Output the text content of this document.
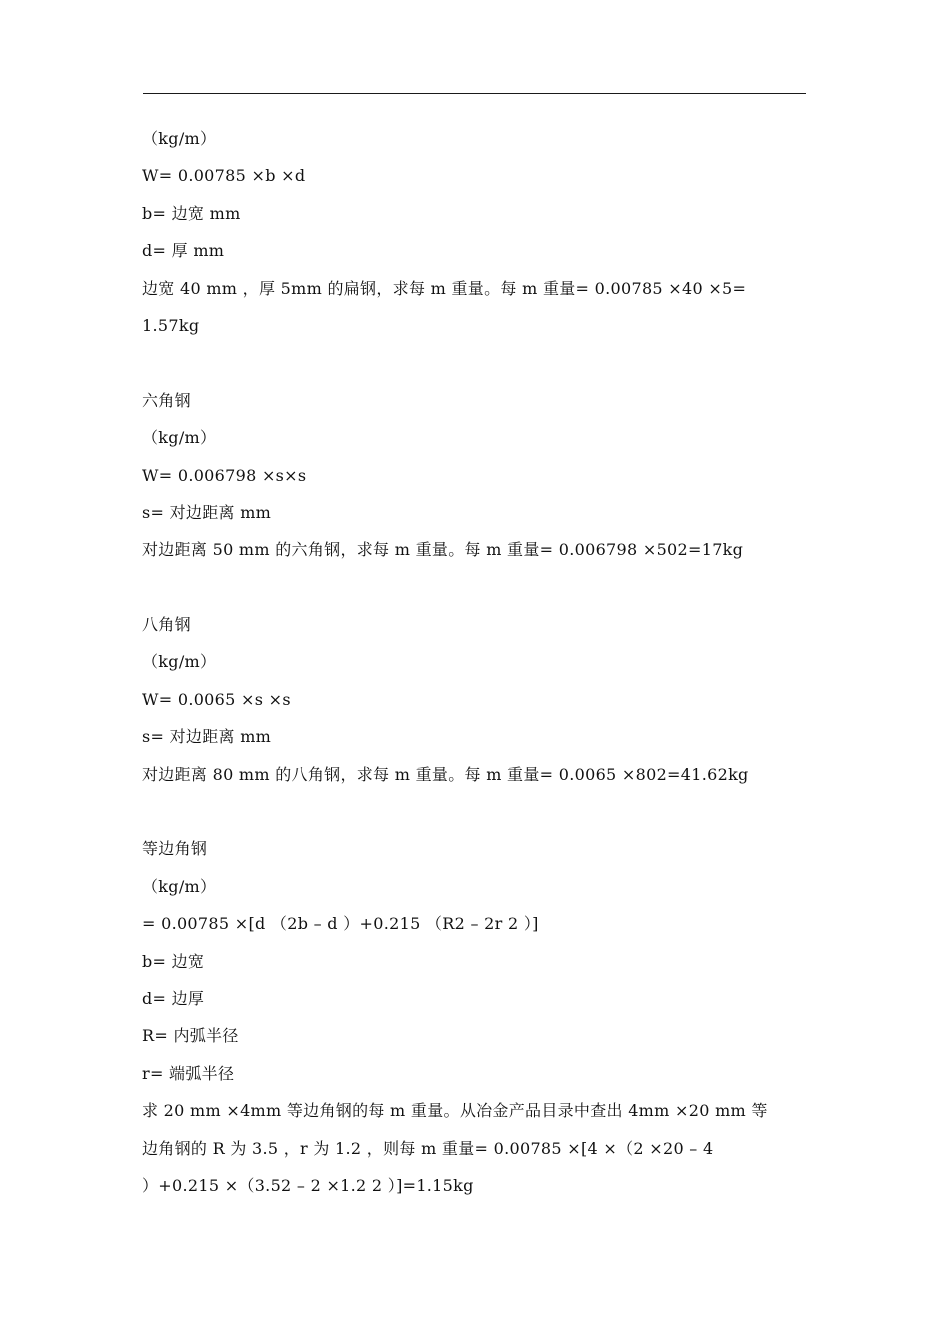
（kg/m）
W= 0.00785 ×b ×d
b= 边宽 mm
d= 厚 mm
边宽 40 mm ，厚 5mm 的扁钢，求每 m 重量。每 m 重量= 0.00785 ×40 ×5=
1.57kg
六角钢
（kg/m）
W= 0.006798 ×s×s
s= 对边距离 mm
对边距离 50 mm 的六角钢，求每 m 重量。每 m 重量= 0.006798 ×502=17kg
八角钢
（kg/m）
W= 0.0065 ×s ×s
s= 对边距离 mm
对边距离 80 mm 的八角钢，求每 m 重量。每 m 重量= 0.0065 ×802=41.62kg
等边角钢
（kg/m）
= 0.00785 ×[d （2b – d ）+0.215 （R2 – 2r 2 ）]
b= 边宽
d= 边厚
R= 内弧半径
r= 端弧半径
求 20 mm ×4mm 等边角钢的每 m 重量。从冶金产品目录中查出 4mm ×20 mm 等
边角钢的 R 为 3.5 ，r 为 1.2 ，则每 m 重量= 0.00785 ×[4 ×（2 ×20 – 4
）+0.215 ×（3.52 – 2 ×1.2 2 ）]=1.15kg
